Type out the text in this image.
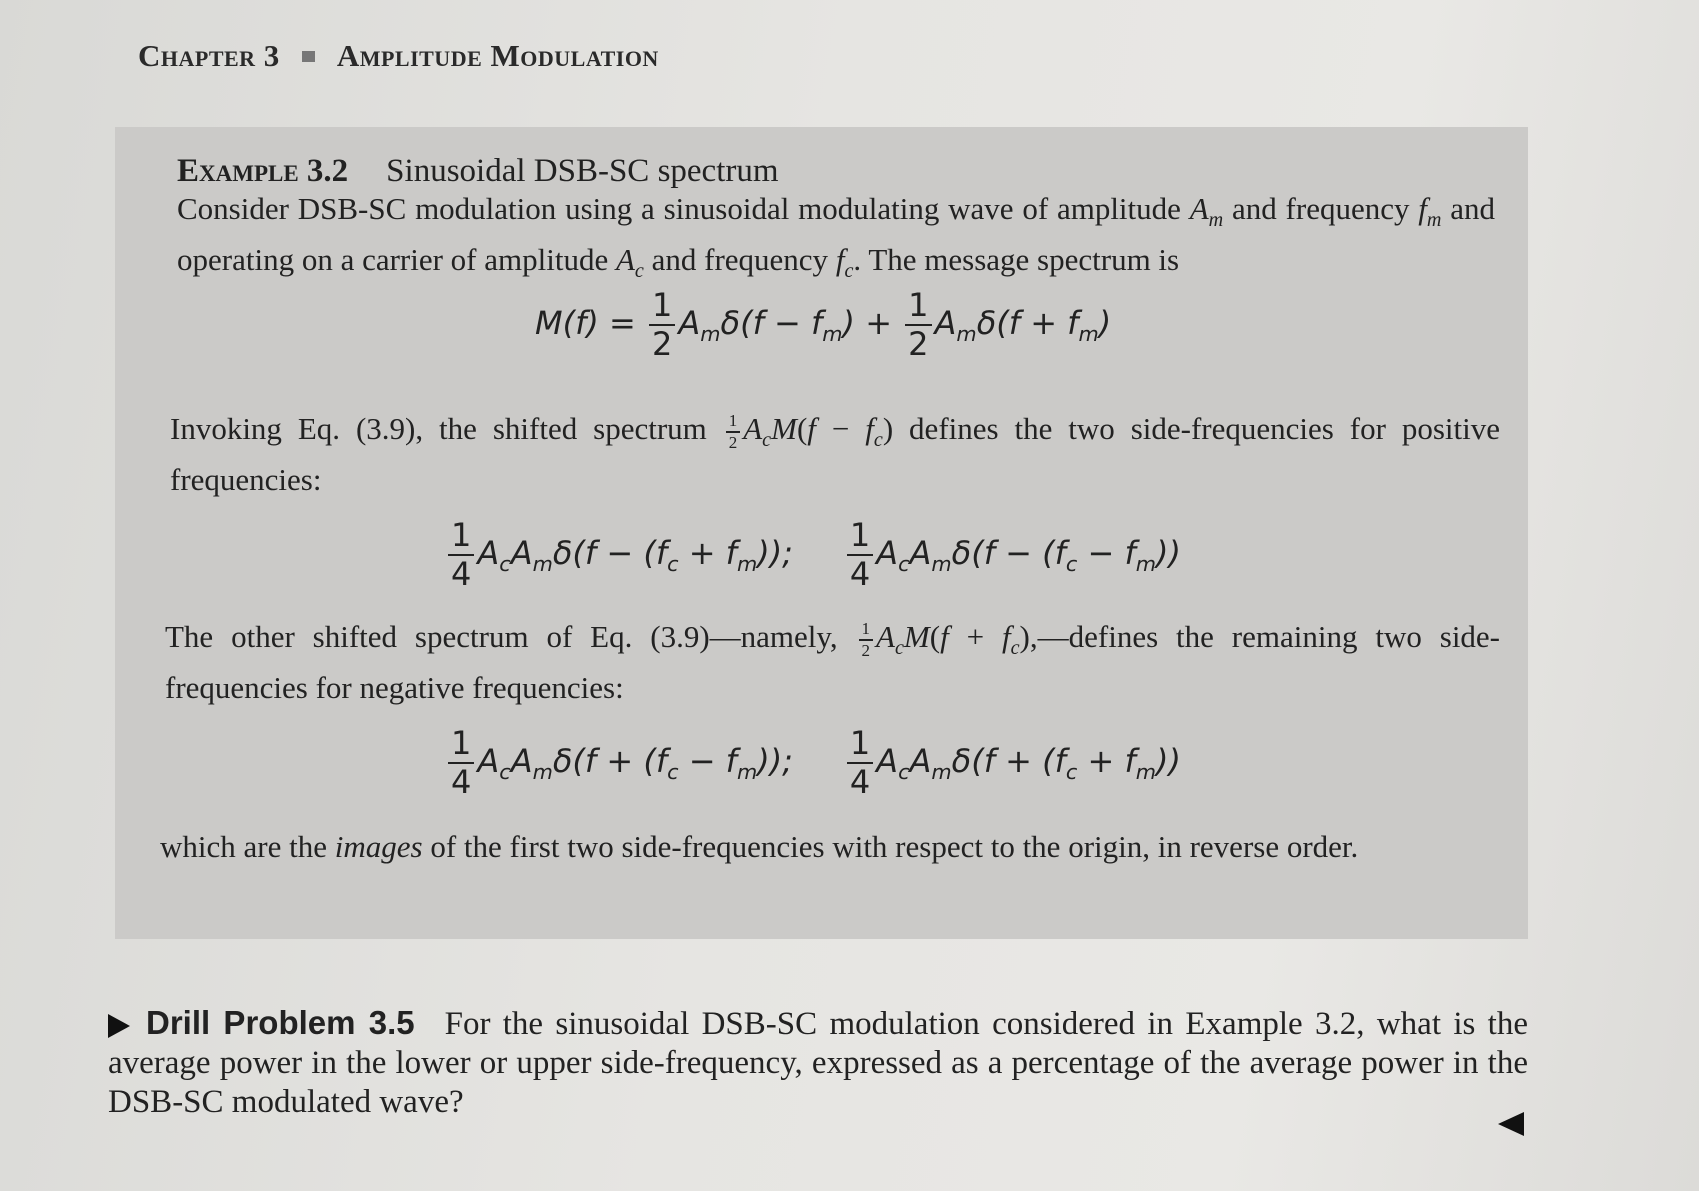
Chapter 3 Amplitude Modulation
Example 3.2 Sinusoidal DSB-SC spectrum
Consider DSB-SC modulation using a sinusoidal modulating wave of amplitude $A_m$ and frequency $f_m$ and operating on a carrier of amplitude $A_c$ and frequency $f_c$. The message spectrum is
$M(f) = \frac{1}{2} A_m\delta(f - f_m) + \frac{1}{2} A_m\delta(f + f_m)$
Invoking Eq. (3.9), the shifted spectrum $\frac{1}{2} A_cM(f - f_c)$ defines the two side-frequencies for positive frequencies:
$\frac{1}{4} A_cA_m\delta(f - (f_c + f_m))$; $\frac{1}{4} A_cA_m\delta(f - (f_c - f_m))$
The other shifted spectrum of Eq. (3.9)—namely, $\frac{1}{2} A_cM(f$ + $f_c),—defines$ the remaining two side-frequencies for negative frequencies:
$\frac{1}{4} A_cA_m\delta(f + (f_c - f_m))$; $\frac{1}{4} A_cA_m\delta(f + (f_c + f_m))$
which are the images of the first two side-frequencies with respect to the origin, in reverse order.
Drill Problem 3.5 For the sinusoidal DSB-SC modulation considered in Example 3.2, what is the average power in the lower or upper side-frequency, expressed as a percentage of the average power in the DSB-SC modulated wave?
